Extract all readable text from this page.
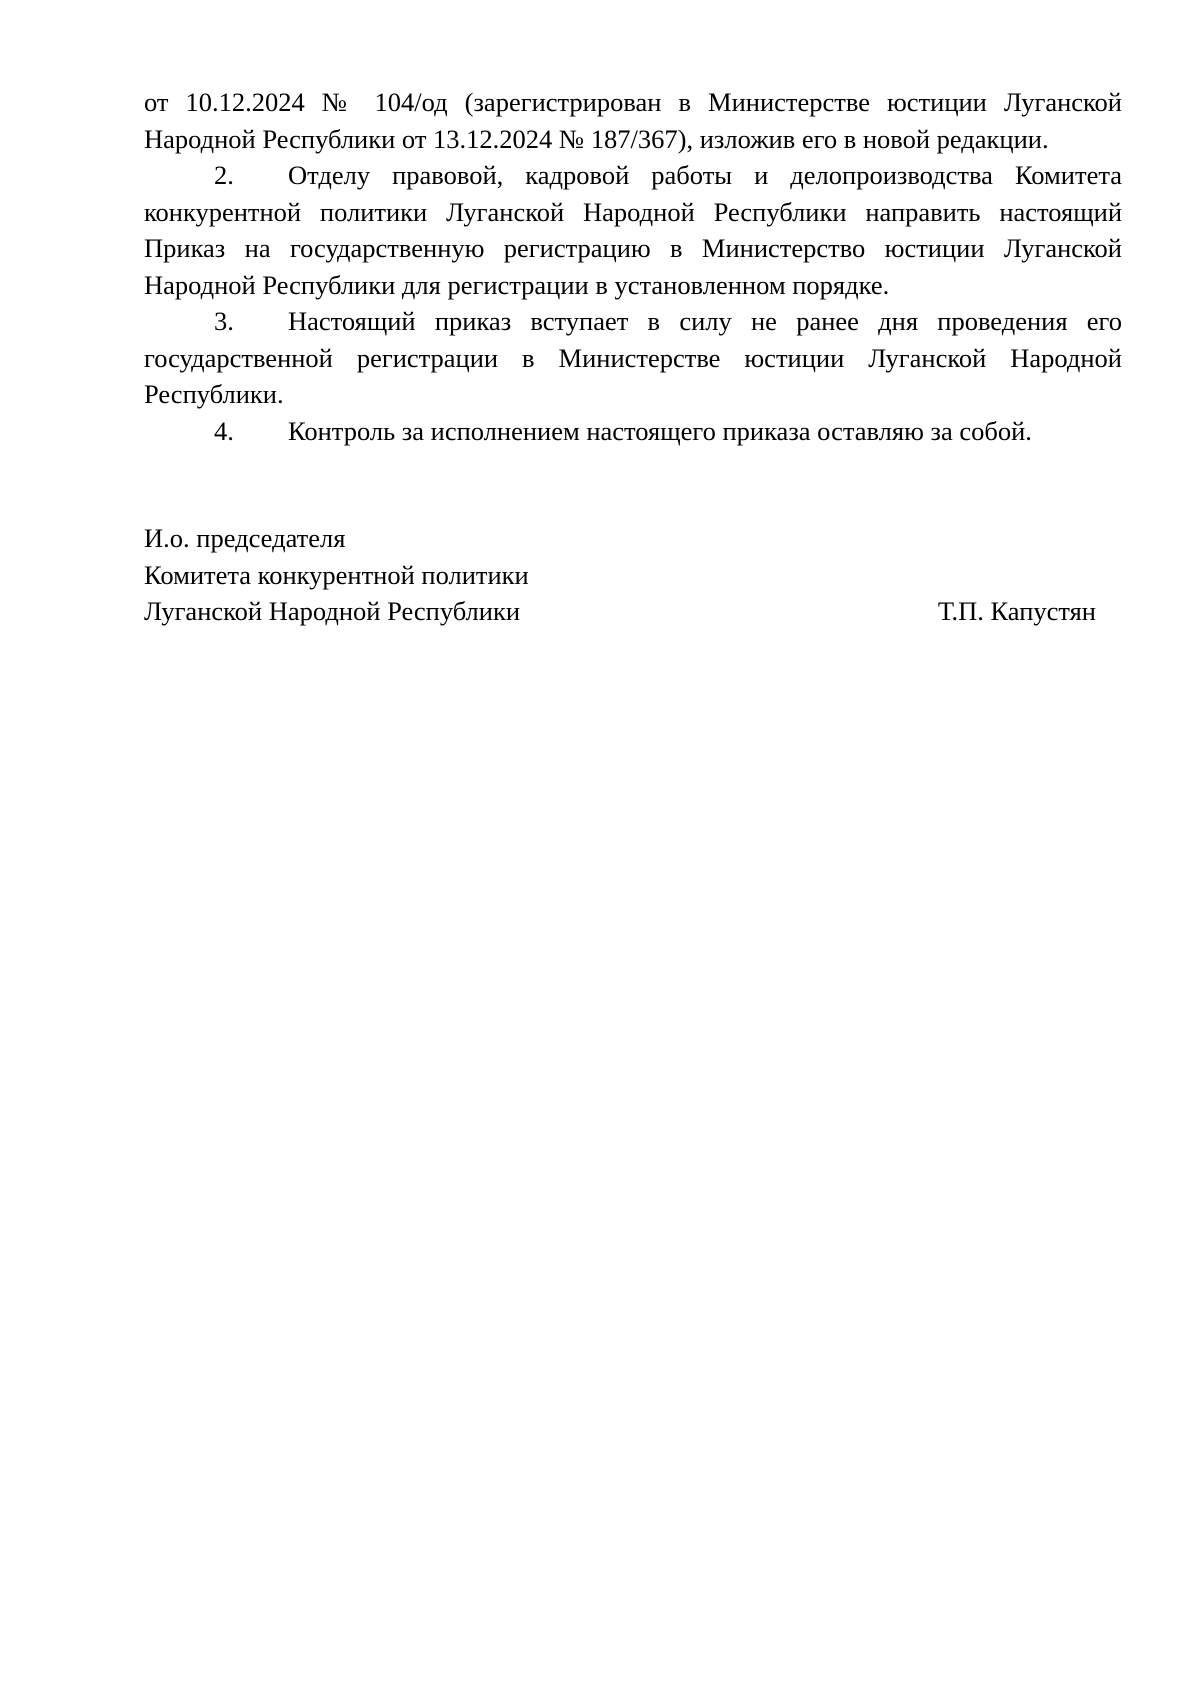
от 10.12.2024 № 104/од (зарегистрирован в Министерстве юстиции Луганской
Народной Республики от 13.12.2024 № 187/367), изложив его в новой редакции.
2.	Отделу правовой, кадровой работы и делопроизводства Комитета
конкурентной политики Луганской Народной Республики направить настоящий
Приказ на государственную регистрацию в Министерство юстиции Луганской
Народной Республики для регистрации в установленном порядке.
3.	Настоящий приказ вступает в силу не ранее дня проведения его
государственной регистрации в Министерстве юстиции Луганской Народной
Республики.
4.	Контроль за исполнением настоящего приказа оставляю за собой.
И.о. председателя
Комитета конкурентной политики
Луганской Народной Республики	Т.П. Капустян
